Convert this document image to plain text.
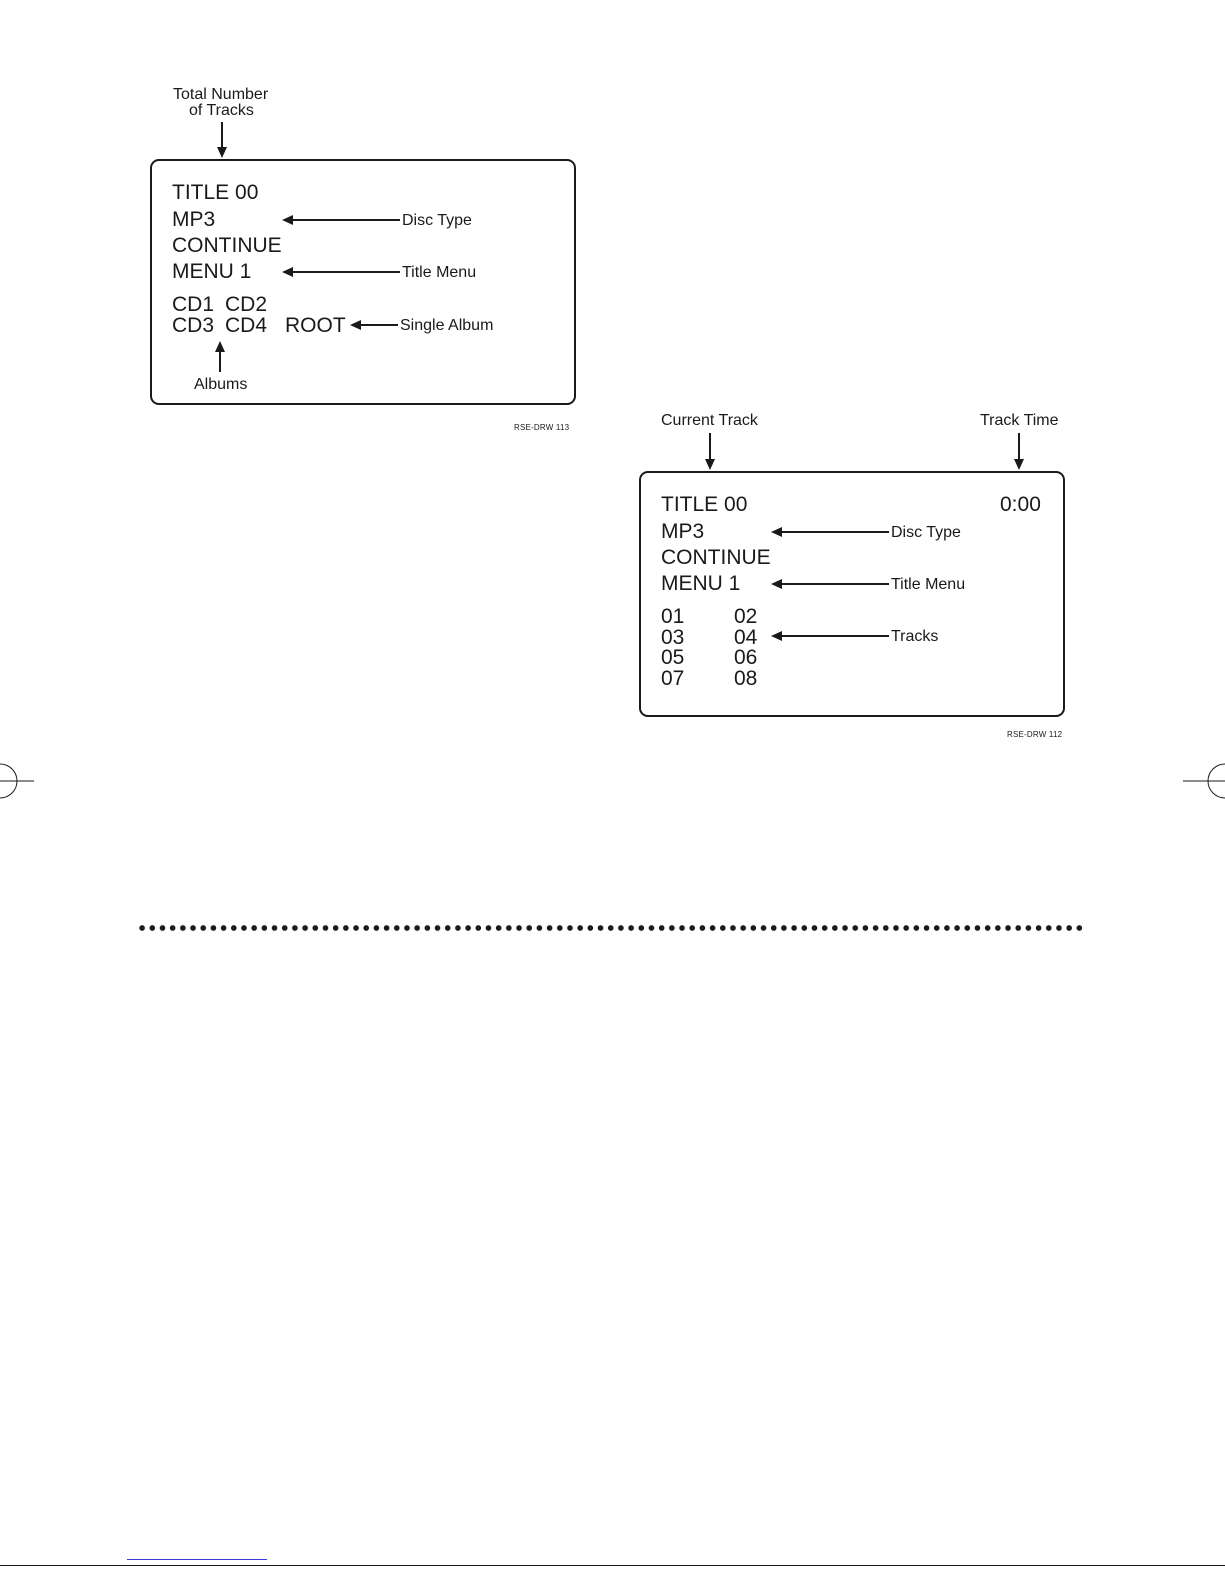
Total Number
of Tracks
TITLE 00
MP3
CONTINUE
MENU 1
CD1 CD2
CD3 CD4 ROOT
Disc Type
Title Menu
Single Album
Albums
RSE-DRW 113	Current Track	Track Time
TITLE 00	0:00
MP3
CONTINUE
MENU 1
01 02
03 04
05 06
07 08
Disc Type
Title Menu
Tracks
RSE-DRW 112
